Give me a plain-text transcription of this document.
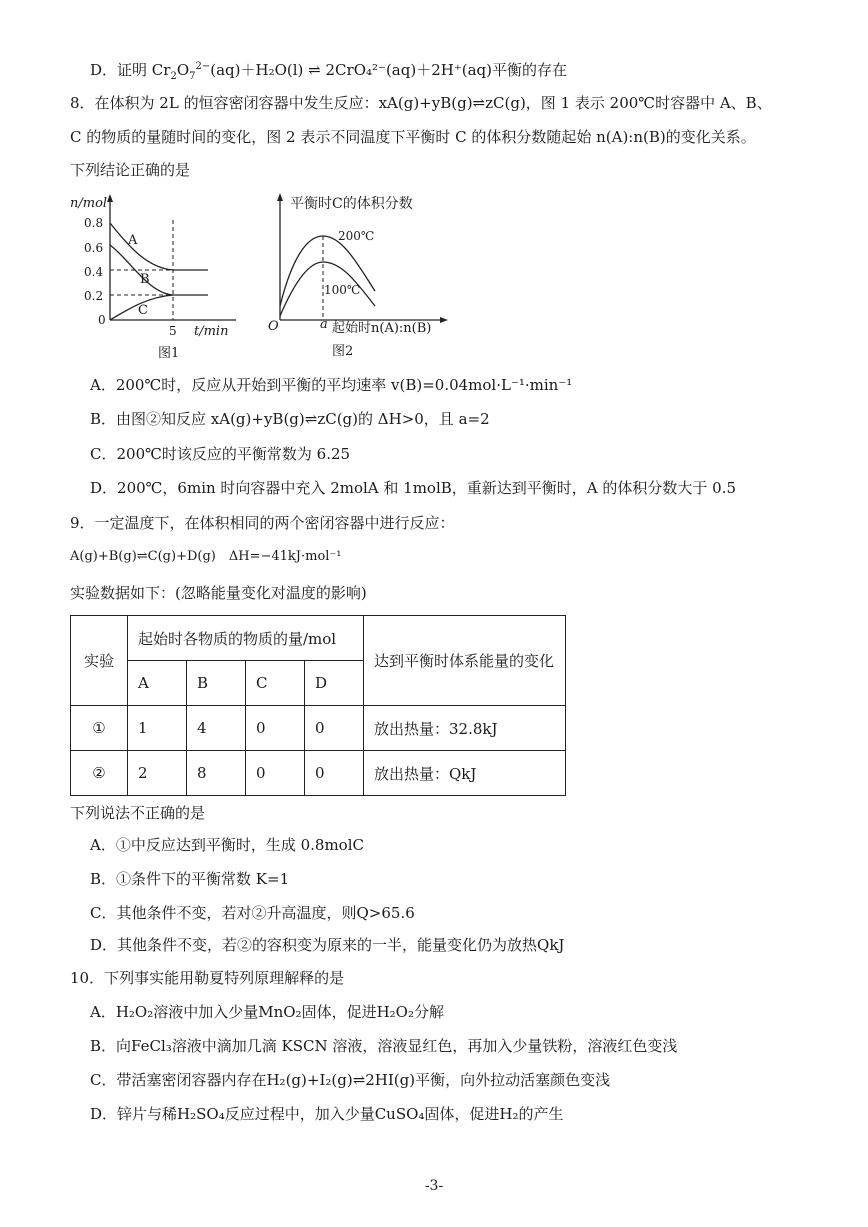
D．证明 $Cr_2O_7^{2-}(aq)+H_2O(l)$ ⇌ 2CrO₄²⁻(aq)＋2H⁺(aq)平衡的存在
8．在体积为 2L 的恒容密闭容器中发生反应：xA(g)+yB(g)⇌zC(g)，图 1 表示 200℃时容器中 A、B、
C 的物质的量随时间的变化，图 2 表示不同温度下平衡时 C 的体积分数随起始 n(A):n(B)的变化关系。
下列结论正确的是
n/mol
0.8
0.6
0.4
0.2
0
A
B
C
5 t/min
图1
平衡时C的体积分数
200℃
100℃
O	a 起始时n(A):n(B)
图2
A．200℃时，反应从开始到平衡的平均速率 v(B)=0.04mol·L⁻¹·min⁻¹
B．由图②知反应 xA(g)+yB(g)⇌zC(g)的 ΔH>0，且 a=2
C．200℃时该反应的平衡常数为 6.25
D．200℃，6min 时向容器中充入 2molA 和 1molB，重新达到平衡时，A 的体积分数大于 0.5
9．一定温度下，在体积相同的两个密闭容器中进行反应：
A(g)+B(g)⇌C(g)+D(g)　ΔH=−41kJ·mol⁻¹
实验数据如下：(忽略能量变化对温度的影响)
实验	起始时各物质的物质的量/mol				达到平衡时体系能量的变化
	A	B	C	D	
①	1	4	0	0	放出热量：32.8kJ
②	2	8	0	0	放出热量：QkJ
下列说法不正确的是
A．①中反应达到平衡时，生成 0.8molC
B．①条件下的平衡常数 K=1
C．其他条件不变，若对②升高温度，则Q>65.6
D．其他条件不变，若②的容积变为原来的一半，能量变化仍为放热QkJ
10．下列事实能用勒夏特列原理解释的是
A．H₂O₂溶液中加入少量MnO₂固体，促进H₂O₂分解
B．向FeCl₃溶液中滴加几滴 KSCN 溶液，溶液显红色，再加入少量铁粉，溶液红色变浅
C．带活塞密闭容器内存在H₂(g)+I₂(g)⇌2HI(g)平衡，向外拉动活塞颜色变浅
D．锌片与稀H₂SO₄反应过程中，加入少量CuSO₄固体，促进H₂的产生
-3-
